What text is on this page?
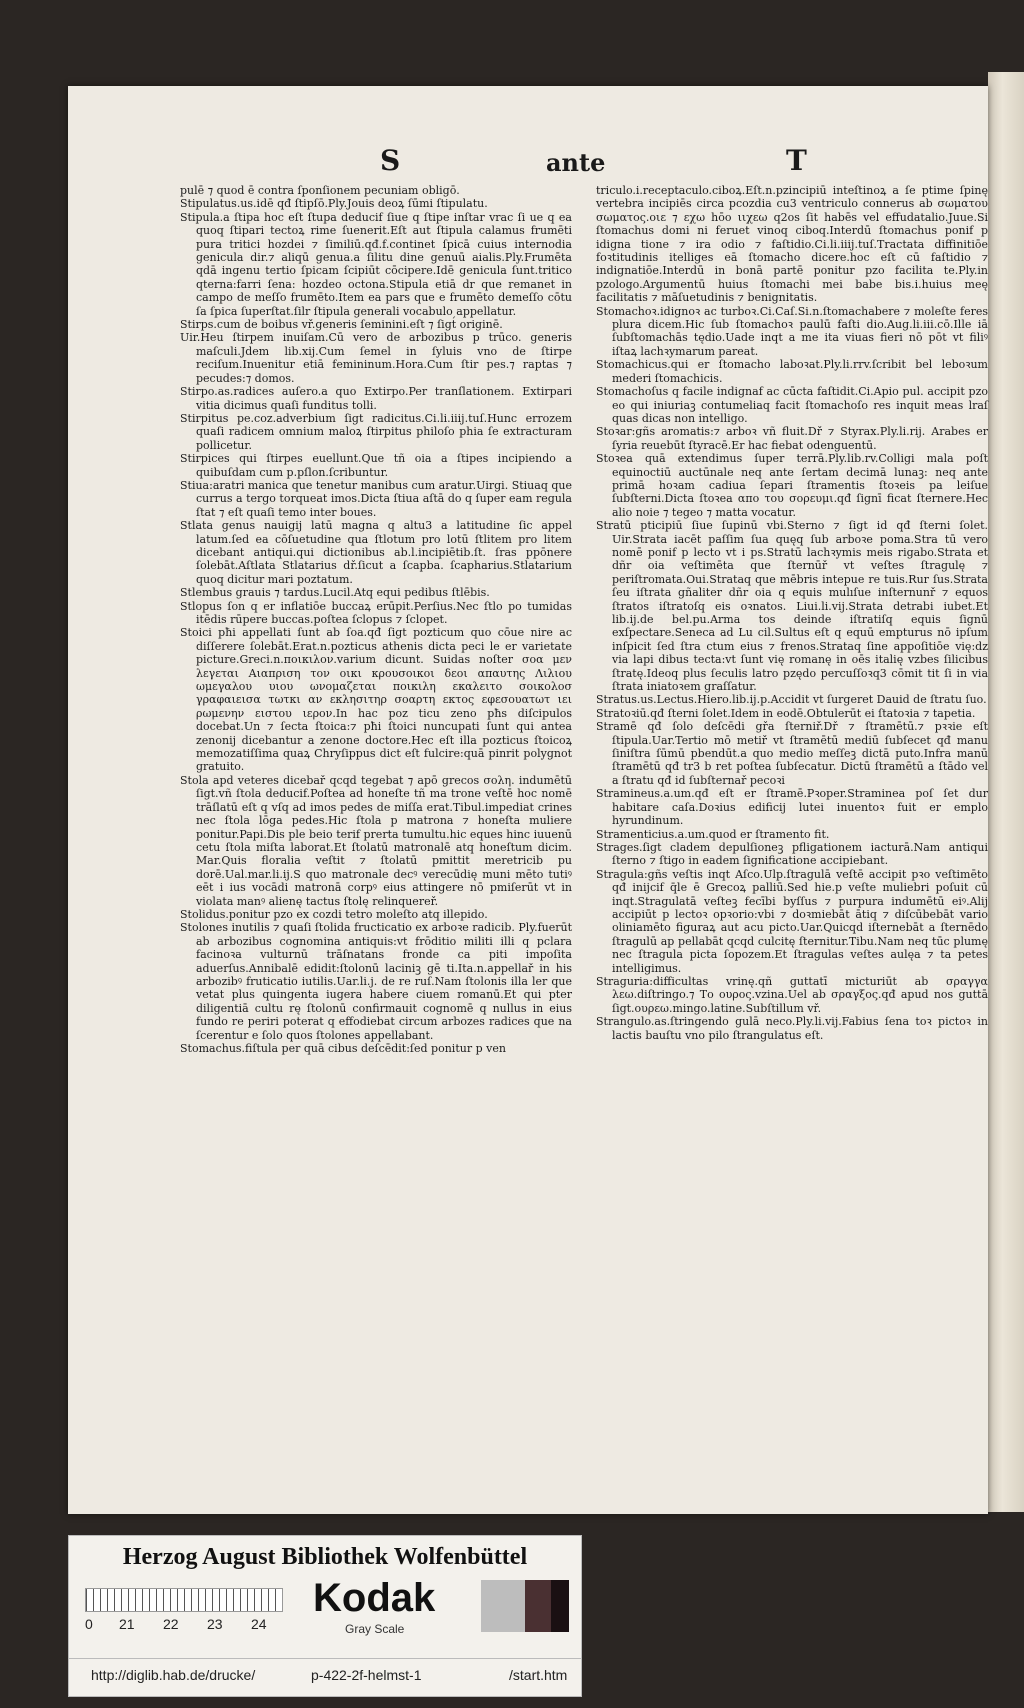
S	ante	T

pulē ⁊ quod ē contra ſponſionem pecuniam obligō.

Stipulatus.us.idē qđ ſtipſō.Ply.Jouis deoꝝ ſūmi ſtipulatu.

Stipula.a ſtipa hoc eſt ſtupa deducif ſiue q ſtipe inſtar vrac ſi ue q ea quoq ſtipari tectoꝝ rime ſuenerit.Eſt aut ſtipula calamus frumēti pura tritici hozdei ⁊ ſimiliū.qđ.f.continet ſpicā cuius internodia genicula dir.⁊ aliqū genua.a ſilitu dine genuū aialis.Ply.Frumēta qdā ingenu tertio ſpicam ſcipiūt cōcipere.Idē genicula ſunt.tritico qterna:farri ſena: hozdeo octona.Stipula etiā dr que remanet in campo de meſſo frumēto.Item ea pars que e frumēto demeſſo cōtu ſa ſpica ſuperſtat.ſilr ſtipula generali vocabulo appellatur.

Stirps.cum de boibus vř.generis ſeminini.eſt ⁊ ſigt́ originē.

Uir.Heu ſtirpem inuiſam.Cū vero de arbozibus p trūco. generis maſculi.Jdem lib.xij.Cum ſemel in ſyluis vno de ſtirpe reciſum.Inuenitur etiā femininum.Hora.Cum ſtir pes.⁊ raptas ⁊ pecudes:⁊ domos.

Stirpo.as.radices auſero.a quo Extirpo.Per tranſlationem. Extirpari vitia dicimus quaſi funditus tolli.

Stirpitus pe.coz.adverbium ſigt radicitus.Ci.li.iiij.tuſ.Hunc errozem quaſi radicem omnium maloꝝ ſtirpitus philoſo phia ſe extracturam pollicetur.

Stirpices qui ſtirpes euellunt.Que tñ oia a ſtipes incipiendo a quibuſdam cum p.pſlon.ſcribuntur.

Stiua:aratri manica que tenetur manibus cum aratur.Uirgi. Stiuaq que currus a tergo torqueat imos.Dicta ſtiua aſtā do q ſuper eam regula ſtat ⁊ eſt quaſi temo inter boues.

Stlata genus nauigij latū magna q altu3 a latitudine ſic appel latum.ſed ea cōſuetudine qua ſtlotum pro lotū ſtlitem pro litem dicebant antiqui.qui dictionibus ab.l.incipiētib.ſt. ſras ppōnere ſolebāt.Aſtlata Stlatarius dř.ſicut a ſcapba. ſcapharius.Stlatarium quoq dicitur mari poztatum.

Stlembus grauis ⁊ tardus.Lucil.Atq equi pedibus ſtlēbis.

Stlopus ſon q er inflatiōe buccaꝝ erūpit.Perſius.Nec ſtlo po tumidas itēdis rūpere buccas.poſtea ſclopus ⁊ ſclopet.

Stoici pħi appellati ſunt ab ſoa.qđ ſigt pozticum quo cōue nire ac diſſerere ſolebāt.Erat.n.pozticus athenis dicta peci le er varietate picture.Greci.n.ποικιλον.varium dicunt. Suidas noſter σοα μεν λεγεται Αιαπριση τον οικι κρουσοικοι δεοι απαυτης Λιλιου ωμεγαλου υιου ωνομαζεται ποικιλη εκαλειτο σοικολοσ γραφαιεισα τωτκι αν εκλησιτηρ σοαρτη εκτος εφεσουατωτ ιει ρωμενην ειστου ιερον.In hac poz ticu zeno pħs diſcipulos docebat.Un ⁊ ſecta ſtoica:⁊ pħi ſtoici nuncupati ſunt qui antea zenonij dicebantur a zenone doctore.Hec eſt illa pozticus ſtoicoꝝ memozatiſſima quaꝝ Chryſippus dict eſt fulcire:quā pinrit polygnot gratuito.

Stola apd veteres dicebař qcqd tegebat ⁊ apō grecos σολη. indumētū ſigt.vñ ſtola deducif.Poſtea ad honeſte tñ ma trone veſtē hoc nomē trāſlatū eſt q vſq ad imos pedes de miſſa erat.Tibul.impediat crines nec ſtola lōga pedes.Hic ſtola p matrona ⁊ honeſta muliere ponitur.Papi.Dis ple beio terif prerta tumultu.hic eques hinc iuuenū cetu ſtola miſta laborat.Et ſtolatū matronalē atq honeſtum dicim. Mar.Quis floralia veſtit ⁊ ſtolatū pmittit meretricib pu dorē.Ual.mar.li.ij.S quo matronale decꝰ verecūdię muni mēto tutiꝰ eēt i ius vocādi matronā corpꝰ eius attingere nō pmiſerūt vt in violata manꝰ alienę tactus ſtolę relinquereř.

Stolidus.ponitur pzo ex cozdi tetro moleſto atq illepido.

Stolones inutilis ⁊ quaſi ſtolida fructicatio ex arboꝛe radicib. Ply.fuerūt ab arbozibus cognomina antiquis:vt frōditio militi illi q pclara facinoꝛa vulturnū trāſnatans fronde ca piti impoſita aduerſus.Annibalē edidit:ſtolonū laciniꝫ gē ti.Ita.n.appellař in his arbozibꝰ fruticatio iutilis.Uar.li.j. de re ruſ.Nam ſtolonis illa ler que vetat plus quingenta iugera habere ciuem romanū.Et qui pter diligentiā cultu rę ſtolonū confirmauit cognomē q nullus in eius fundo re periri poterat q effodiebat circum arbozes radices que na ſcerentur e ſolo quos ſtolones appellabant.

Stomachus.fiſtula per quā cibus deſcēdit:ſed ponitur p ven

triculo.i.receptaculo.ciboꝝ.Eſt.n.pzincipiū inteſtinoꝝ a ſe ptime ſpinę vertebra incipiēs circa pcozdia cu3 ventriculo connerus ab σωματου σωματος.οιε ⁊ εχω hōo ιιχεω q2os ſit habēs vel effudatalio.Juue.Si ſtomachus domi ni feruet vinoq ciboq.Interdū ſtomachus ponif p idigna tione ⁊ ira odio ⁊ faſtidio.Ci.li.iiij.tuſ.Tractata diffinitiōe foꝛtitudinis itelliges eā ſtomacho dicere.hoc eſt cū faſtidio ⁊ indignatiōe.Interdū in bonā partē ponitur pzo facilita te.Ply.in pzologo.Argumentū huius ſtomachi mei babe bis.i.huius meę facilitatis ⁊ māſuetudinis ⁊ benignitatis.

Stomachoꝛ.idignoꝛ ac turboꝛ.Ci.Caſ.Si.n.ſtomachabere ⁊ moleſte feres plura dicem.Hic ſub ſtomachoꝛ paulū faſti dio.Aug.li.iii.cō.Ille iā ſubſtomachās tędio.Uade inqt a me ita viuas fieri nō pōt vt filiꝰ iſtaꝝ lachꝛymarum pareat.

Stomachicus.qui er ſtomacho laboꝛat.Ply.li.rrv.ſcribit bel leboꝛum mederi ſtomachicis.

Stomachoſus q facile indignaf ac cūcta faſtidit.Ci.Apio pul. accipit pzo eo qui iniuriaꝫ contumeliaq facit ſtomachoſo res inquit meas lraſ quas dicas non intelligo.

Stoꝛar:gñs aromatis:⁊ arboꝛ vñ fluit.Dř ⁊ Styrax.Ply.li.rij. Arabes er ſyria reuebūt ſtyracē.Er hac fiebat odenguentū.

Stoꝛea quā extendimus ſuper terrā.Ply.lib.rv.Colligi mala poſt equinoctiū auctūnale neq ante ſertam decimā lunaꝫ: neq ante primā hoꝛam cadiua ſepari ſtramentis ſtoꝛeis pa leiſue ſubſterni.Dicta ſtoꝛea απο του σορευμι.qđ ſignī ficat ſternere.Hec alio noie ⁊ tegeo ⁊ matta vocatur.

Stratū pticipiū ſiue ſupinū vbi.Sterno ⁊ ſigt id qđ ſterni ſolet. Uir.Strata iacēt paſſim ſua quęq ſub arboꝛe poma.Stra tū vero nomē ponif p lecto vt i ps.Stratū lachꝛymis meis rigabo.Strata et dñr oia veſtimēta que ſternūř vt veſtes ſtragulę ⁊ periſtromata.Oui.Strataq que mēbris intepue re tuis.Rur ſus.Strata ſeu iſtrata gñaliter dñr oia q equis mulıſue inſternunř ⁊ equos ſtratos iſtratoſq eis oꝛnatos. Liui.li.vij.Strata detrabi iubet.Et lib.ij.de bel.pu.Arma tos deinde iſtratiſq equis ſignū exſpectare.Seneca ad Lu cil.Sultus eſt q equū empturus nō ipſum inſpicit ſed ſtra ctum eius ⁊ frenos.Strataq ſine appoſitiōe vię:dz via lapi dibus tecta:vt ſunt vię romanę in oēs italię vzbes ſilicibus ſtratę.Ideoq plus ſeculis latro pzędo percuſſoꝛq3 cōmit tit ſi in via ſtrata iniatoꝛem graſſatur.

Stratus.us.Lectus.Hiero.lib.ij.p.Accidit vt ſurgeret Dauid de ſtratu ſuo.

Stratoꝛiū.qđ ſterni ſolet.Idem in eodē.Obtulerūt ei ſtatoꝛia ⁊ tapetia.

Stramē qđ ſolo deſcēdi gřa ſterniř.Dř ⁊ ſtramētū.⁊ pꝛꝛie eſt ſtipula.Uar.Tertio mō metiř vt ſtramētū mediū ſubſecet qđ manu ſiniſtra ſūmū pbendūt.a quo medio meſſeꝫ dictā puto.Infra manū ſtramētū qđ tr3 b ret poſtea ſubſecatur. Dictū ſtramētū a ſtādo vel a ſtratu qđ id ſubſternař pecoꝛi

Stramineus.a.um.qđ eſt er ſtramē.Pꝛoper.Straminea poſ ſet dur habitare caſa.Doꝛius edificij lutei inuentoꝛ fuit er emplo hyrundinum.

Stramenticius.a.um.quod er ſtramento fit.

Strages.ſigt cladem depulſioneꝫ pfligationem iacturā.Nam antiqui ſterno ⁊ ſtigo in eadem ſignificatione accipiebant.

Stragula:gñs veſtis inqt Aſco.Ulp.ſtragulā veſtē accipit pꝛo veſtimēto qđ inijcif q̄le ē Grecoꝝ palliū.Sed hie.p veſte muliebri poſuit cū inqt.Stragulatā veſteꝫ fecībi byſſus ⁊ purpura indumētū eiꝰ.Alij accipiūt p lectoꝛ opꝛorio:vbi ⁊ doꝛmiebāt ātiq ⁊ diſcūbebāt vario oliniamēto figuraꝝ aut acu picto.Uar.Quicqd iſternebāt a ſternēdo ſtragulū ap pellabāt qcqd culcitę ſternitur.Tibu.Nam neq tūc plumę nec ſtragula picta ſopozem.Et ſtragulas veſtes aulęa ⁊ ta petes intelligimus.

Straguria:difficultas vrinę.qñ guttatī micturiūt ab σραγγα λεω.diſtringo.⁊ Το ουρος.vzina.Uel ab σραγξος.qđ apud nos guttā ſigt.ουρεω.mingo.latine.Subſtillum vř.

Strangulo.as.ſtringendo gulā neco.Ply.li.vij.Fabius ſena toꝛ pictoꝛ in lactis bauſtu vno pilo ſtrangulatus eſt.

Herzog August Bibliothek Wolfenbüttel
0 21 22 23 24
Kodak
Gray Scale
http://diglib.hab.de/drucke/	p-422-2f-helmst-1	/start.htm
